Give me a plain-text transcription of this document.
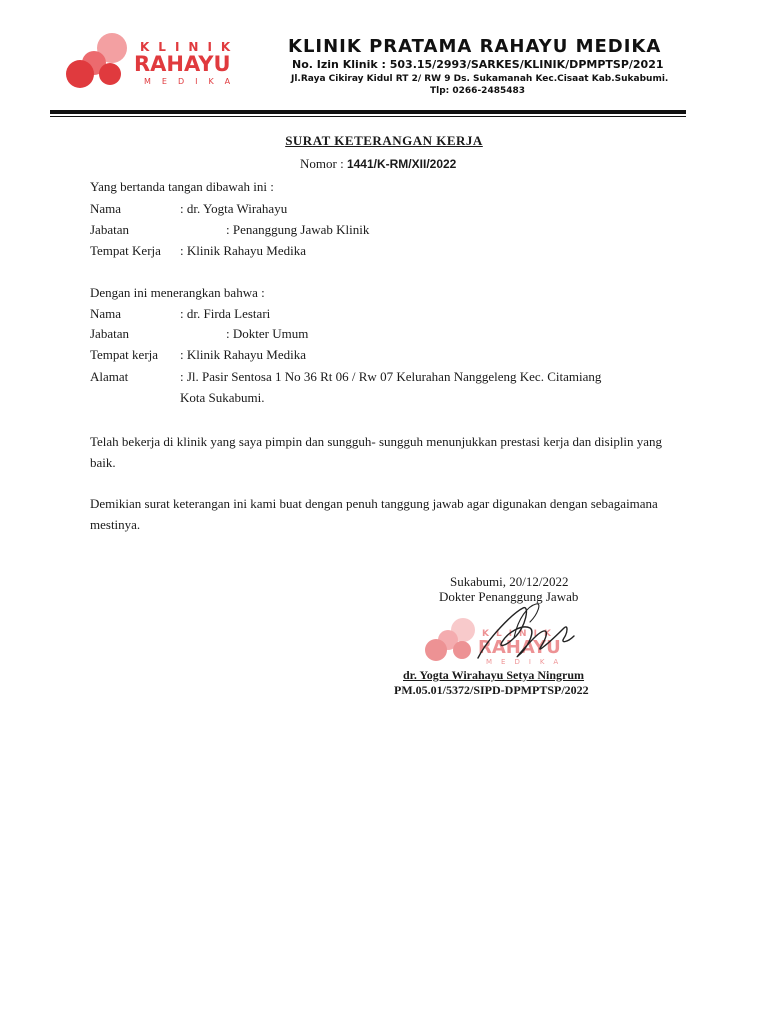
KLINIK
RAHAYU
MEDIKA
KLINIK PRATAMA RAHAYU MEDIKA
No. Izin Klinik : 503.15/2993/SARKES/KLINIK/DPMPTSP/2021
Jl.Raya Cikiray Kidul RT 2/ RW 9 Ds. Sukamanah Kec.Cisaat Kab.Sukabumi.
Tlp: 0266-2485483
SURAT KETERANGAN KERJA
Nomor : 1441/K-RM/XII/2022
Yang bertanda tangan dibawah ini :
Nama	: dr. Yogta Wirahayu
Jabatan	: Penanggung Jawab Klinik
Tempat Kerja : Klinik Rahayu Medika
Dengan ini menerangkan bahwa :
Nama	: dr. Firda Lestari
Jabatan	: Dokter Umum
Tempat kerja : Klinik Rahayu Medika
Alamat	: Jl. Pasir Sentosa 1 No 36 Rt 06 / Rw 07 Kelurahan Nanggeleng Kec. Citamiang
Kota Sukabumi.
Telah bekerja di klinik yang saya pimpin dan sungguh- sungguh menunjukkan prestasi kerja dan disiplin yang baik.
Demikian surat keterangan ini kami buat dengan penuh tanggung jawab agar digunakan dengan sebagaimana mestinya.
Sukabumi, 20/12/2022
Dokter Penanggung Jawab
KLINIK
RAHAYU
MEDIKA
dr. Yogta Wirahayu Setya Ningrum
PM.05.01/5372/SIPD-DPMPTSP/2022
